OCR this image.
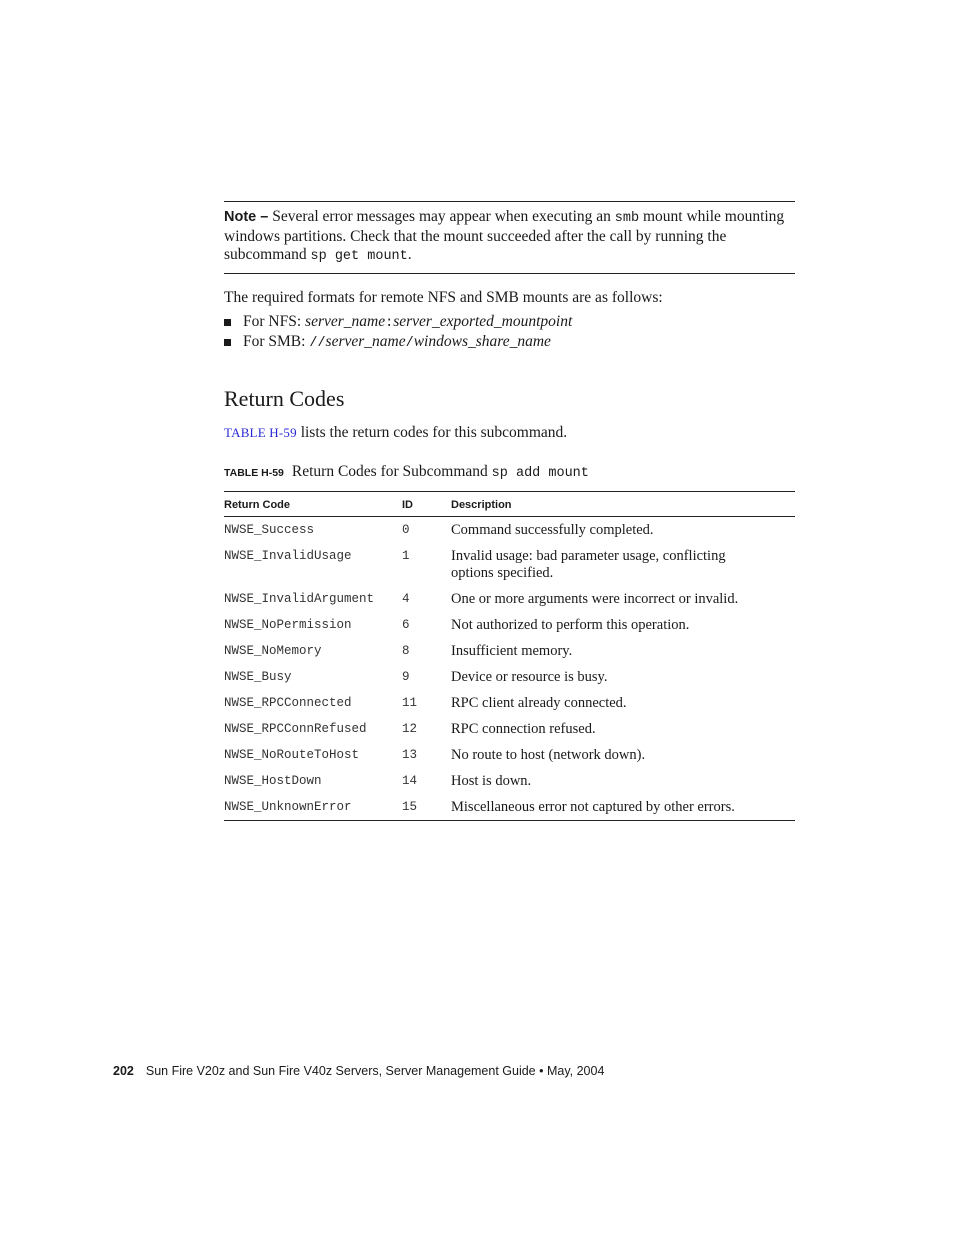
Note – Several error messages may appear when executing an smb mount while mounting windows partitions. Check that the mount succeeded after the call by running the subcommand sp get mount.

The required formats for remote NFS and SMB mounts are as follows:

For NFS: server_name:server_exported_mountpoint
For SMB: //server_name/windows_share_name
Return Codes

TABLE H-59 lists the return codes for this subcommand.

TABLE H-59 Return Codes for Subcommand sp add mount

Return Code	ID	Description
NWSE_Success	0	Command successfully completed.
NWSE_InvalidUsage	1	Invalid usage: bad parameter usage, conflicting options specified.
NWSE_InvalidArgument	4	One or more arguments were incorrect or invalid.
NWSE_NoPermission	6	Not authorized to perform this operation.
NWSE_NoMemory	8	Insufficient memory.
NWSE_Busy	9	Device or resource is busy.
NWSE_RPCConnected	11	RPC client already connected.
NWSE_RPCConnRefused	12	RPC connection refused.
NWSE_NoRouteToHost	13	No route to host (network down).
NWSE_HostDown	14	Host is down.
NWSE_UnknownError	15	Miscellaneous error not captured by other errors.

202 Sun Fire V20z and Sun Fire V40z Servers, Server Management Guide • May, 2004
